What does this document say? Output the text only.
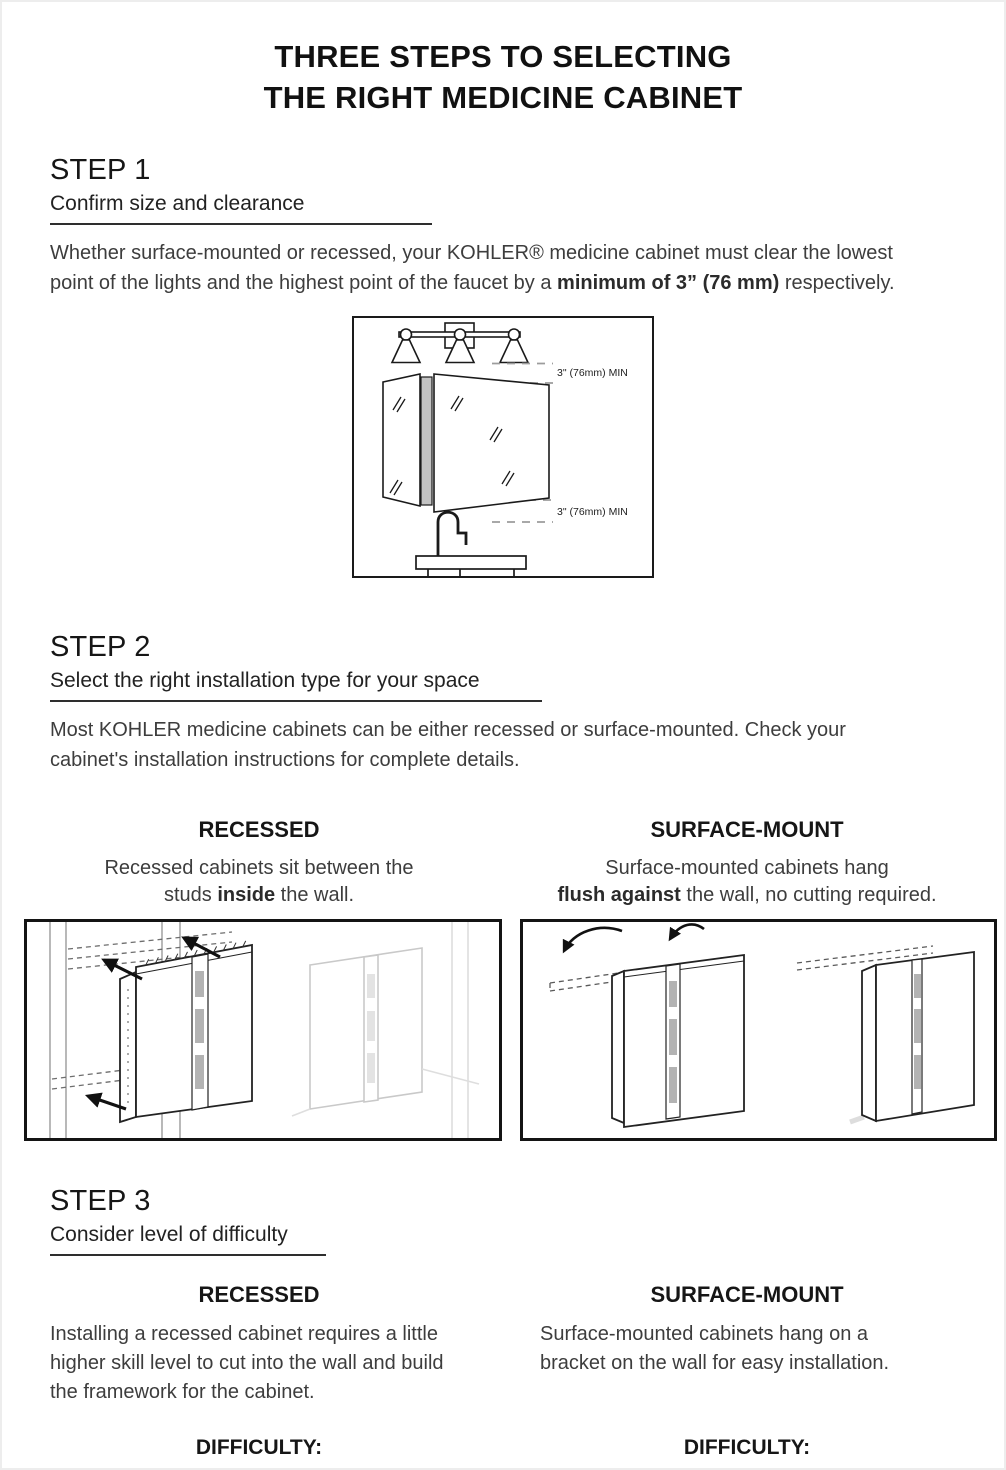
THREE STEPS TO SELECTING
THE RIGHT MEDICINE CABINET
STEP 1
Confirm size and clearance

Whether surface-mounted or recessed, your KOHLER® medicine cabinet must clear the lowest
point of the lights and the highest point of the faucet by a minimum of 3” (76 mm) respectively.

3" (76mm) MIN
3" (76mm) MIN
STEP 2
Select the right installation type for your space

Most KOHLER medicine cabinets can be either recessed or surface-mounted. Check your
cabinet's installation instructions for complete details.

RECESSED

Recessed cabinets sit between the
studs inside the wall.

SURFACE-MOUNT

Surface-mounted cabinets hang
flush against the wall, no cutting required.

STEP 3
Consider level of difficulty
RECESSED

Installing a recessed cabinet requires a little
higher skill level to cut into the wall and build
the framework for the cabinet.

DIFFICULTY:
SURFACE-MOUNT

Surface-mounted cabinets hang on a
bracket on the wall for easy installation.

DIFFICULTY:
